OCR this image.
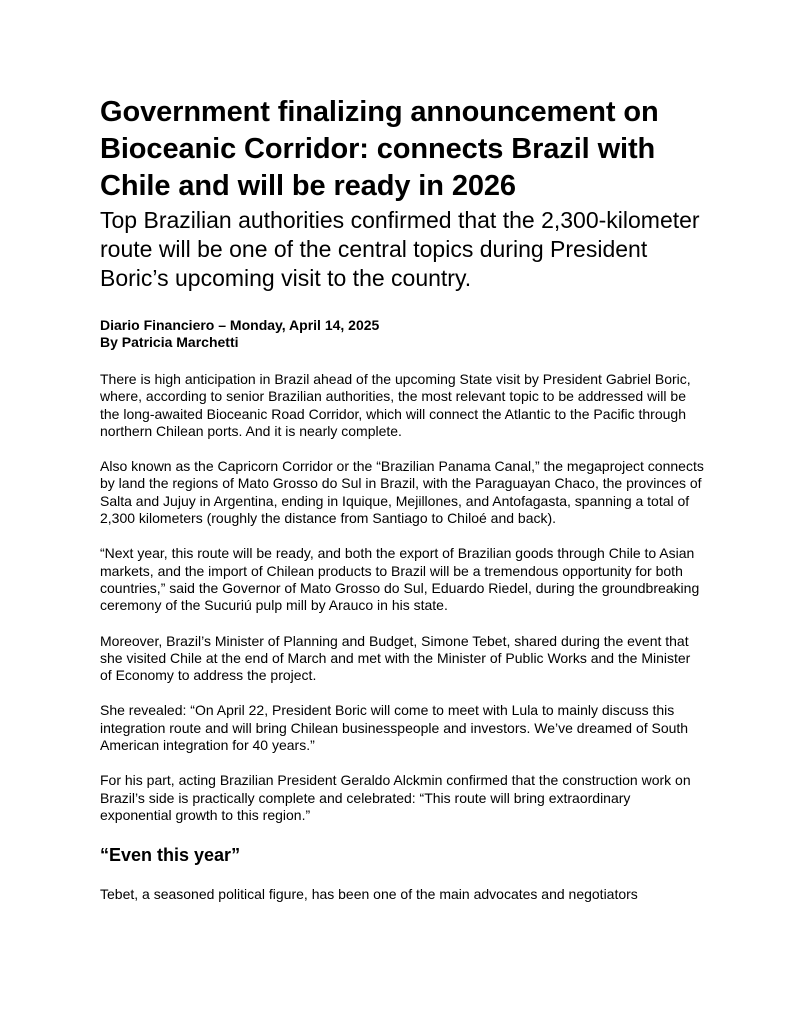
Government finalizing announcement on Bioceanic Corridor: connects Brazil with Chile and will be ready in 2026
Top Brazilian authorities confirmed that the 2,300-kilometer route will be one of the central topics during President Boric’s upcoming visit to the country.
Diario Financiero – Monday, April 14, 2025
By Patricia Marchetti

There is high anticipation in Brazil ahead of the upcoming State visit by President Gabriel Boric, where, according to senior Brazilian authorities, the most relevant topic to be addressed will be the long-awaited Bioceanic Road Corridor, which will connect the Atlantic to the Pacific through northern Chilean ports. And it is nearly complete.

Also known as the Capricorn Corridor or the “Brazilian Panama Canal,” the megaproject connects by land the regions of Mato Grosso do Sul in Brazil, with the Paraguayan Chaco, the provinces of Salta and Jujuy in Argentina, ending in Iquique, Mejillones, and Antofagasta, spanning a total of 2,300 kilometers (roughly the distance from Santiago to Chiloé and back).

“Next year, this route will be ready, and both the export of Brazilian goods through Chile to Asian markets, and the import of Chilean products to Brazil will be a tremendous opportunity for both countries,” said the Governor of Mato Grosso do Sul, Eduardo Riedel, during the groundbreaking ceremony of the Sucuriú pulp mill by Arauco in his state.

Moreover, Brazil’s Minister of Planning and Budget, Simone Tebet, shared during the event that she visited Chile at the end of March and met with the Minister of Public Works and the Minister of Economy to address the project.

She revealed: “On April 22, President Boric will come to meet with Lula to mainly discuss this integration route and will bring Chilean businesspeople and investors. We’ve dreamed of South American integration for 40 years.”

For his part, acting Brazilian President Geraldo Alckmin confirmed that the construction work on Brazil’s side is practically complete and celebrated: “This route will bring extraordinary exponential growth to this region.”

“Even this year”

Tebet, a seasoned political figure, has been one of the main advocates and negotiators
